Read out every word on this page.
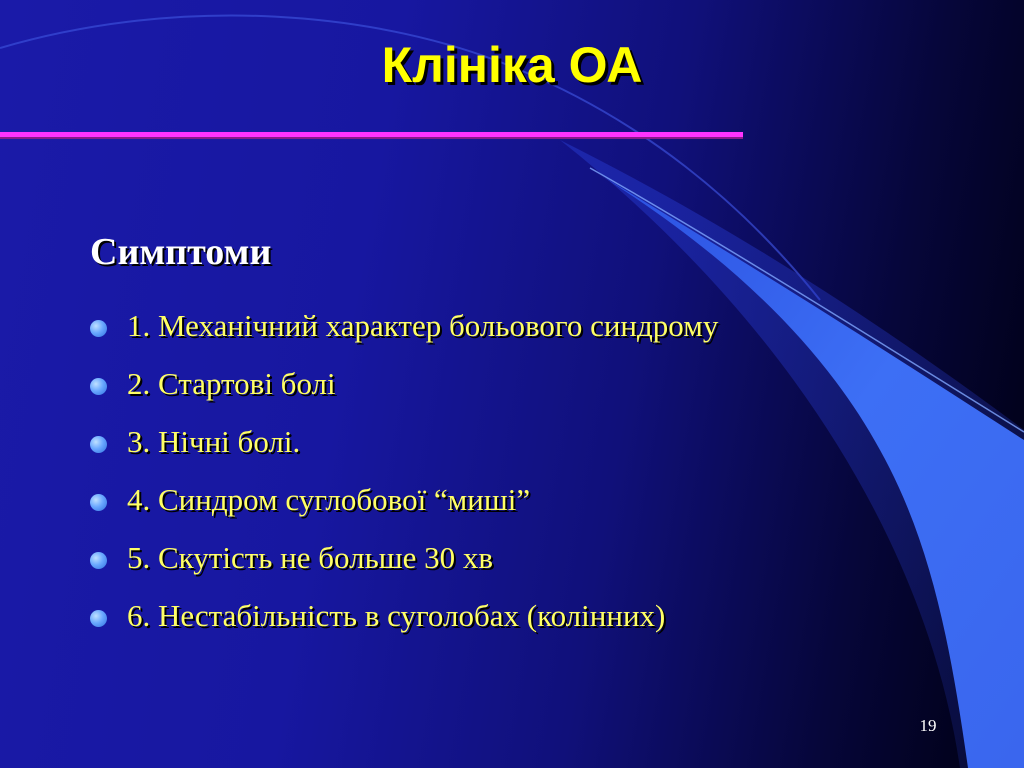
Клініка ОА
Симптоми
1. Механічний характер больового синдрому
2. Стартові болі
3. Нічні болі.
4. Синдром суглобової “миші”
5. Скутість не больше 30 хв
6. Нестабільність в суголобах (колінних)
19
